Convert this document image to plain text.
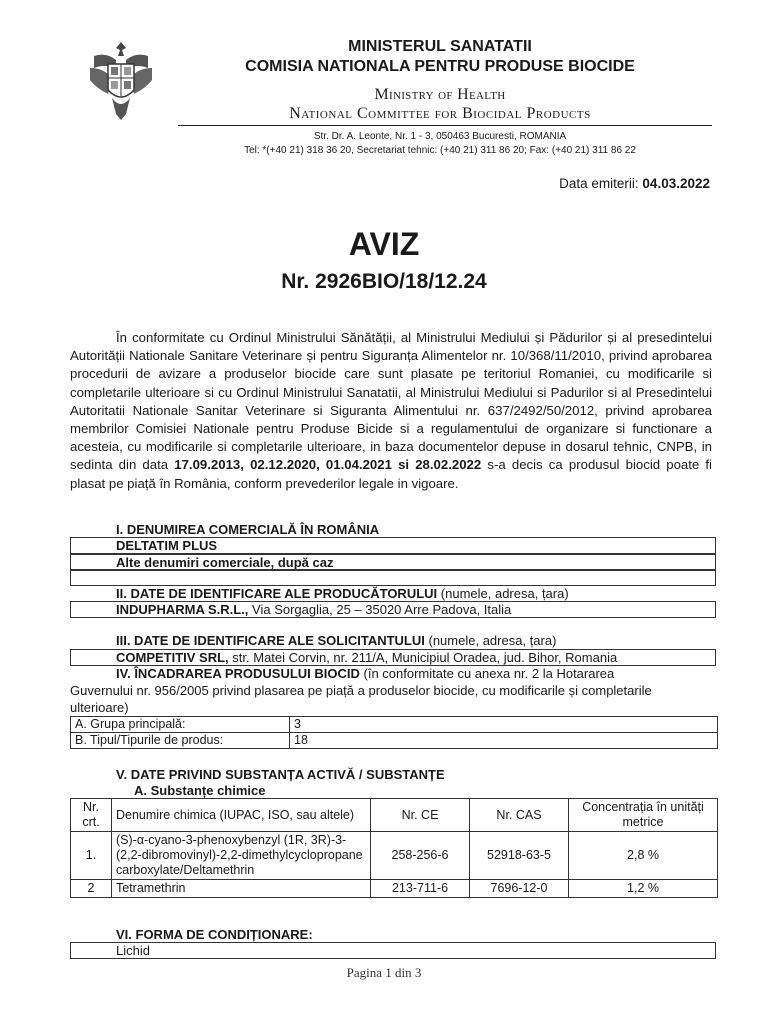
MINISTERUL SANATATII
COMISIA NATIONALA PENTRU PRODUSE BIOCIDE
Ministry of Health
National Committee for Biocidal Products
Str. Dr. A. Leonte, Nr. 1 - 3, 050463 Bucuresti, ROMANIA
Tel: *(+40 21) 318 36 20, Secretariat tehnic: (+40 21) 311 86 20; Fax: (+40 21) 311 86 22
Data emiterii: 04.03.2022
AVIZ
Nr. 2926BIO/18/12.24
În conformitate cu Ordinul Ministrului Sănătății, al Ministrului Mediului și Pădurilor și al presedintelui Autorității Nationale Sanitare Veterinare și pentru Siguranța Alimentelor nr. 10/368/11/2010, privind aprobarea procedurii de avizare a produselor biocide care sunt plasate pe teritoriul Romaniei, cu modificarile si completarile ulterioare si cu Ordinul Ministrului Sanatatii, al Ministrului Mediului si Padurilor si al Presedintelui Autoritatii Nationale Sanitar Veterinare si Siguranta Alimentului nr. 637/2492/50/2012, privind aprobarea membrilor Comisiei Nationale pentru Produse Bicide si a regulamentului de organizare si functionare a acesteia, cu modificarile si completarile ulterioare, in baza documentelor depuse in dosarul tehnic, CNPB, in sedinta din data 17.09.2013, 02.12.2020, 01.04.2021 si 28.02.2022 s-a decis ca produsul biocid poate fi plasat pe piață în România, conform prevederilor legale in vigoare.
I. DENUMIREA COMERCIALĂ ÎN ROMÂNIA
DELTATIM PLUS
Alte denumiri comerciale, după caz
II. DATE DE IDENTIFICARE ALE PRODUCĂTORULUI (numele, adresa, țara)
INDUPHARMA S.R.L., Via Sorgaglia, 25 – 35020 Arre Padova, Italia
III. DATE DE IDENTIFICARE ALE SOLICITANTULUI (numele, adresa, țara)
COMPETITIV SRL, str. Matei Corvin, nr. 211/A, Municipiul Oradea, jud. Bihor, Romania
IV. ÎNCADRAREA PRODUSULUI BIOCID (în conformitate cu anexa nr. 2 la Hotararea
Guvernului nr. 956/2005 privind plasarea pe piață a produselor biocide, cu modificarile și completarile
ulterioare)
A. Grupa principală:	3
B. Tipul/Tipurile de produs:	18
V. DATE PRIVIND SUBSTANȚA ACTIVĂ / SUBSTANȚE
A. Substanțe chimice
Nr. crt.	Denumire chimica (IUPAC, ISO, sau altele)	Nr. CE	Nr. CAS	Concentrația în unități metrice
1.	(S)-α-cyano-3-phenoxybenzyl (1R, 3R)-3-(2,2-dibromovinyl)-2,2-dimethylcyclopropane carboxylate/Deltamethrin	258-256-6	52918-63-5	2,8 %
2	Tetramethrin	213-711-6	7696-12-0	1,2 %
VI. FORMA DE CONDIȚIONARE:
Lichid
Pagina 1 din 3
